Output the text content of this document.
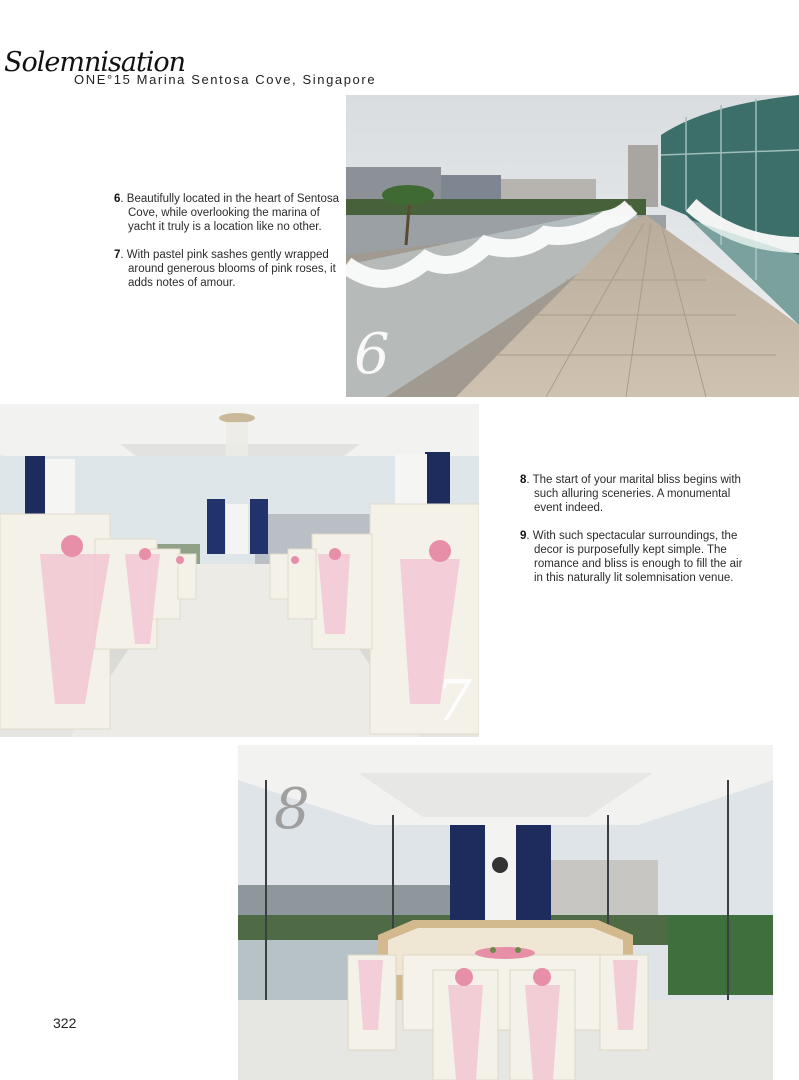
Solemnisation
ONE°15 Marina Sentosa Cove, Singapore
6

6. Beautifully located in the heart of Sentosa Cove, while overlooking the marina of yacht it truly is a location like no other.

7. With pastel pink sashes gently wrapped around generous blooms of pink roses, it adds notes of amour.

7

8. The start of your marital bliss begins with such alluring sceneries. A monumental event indeed.

9. With such spectacular surroundings, the decor is purposefully kept simple. The romance and bliss is enough to fill the air in this naturally lit solemnisation venue.

8
322
